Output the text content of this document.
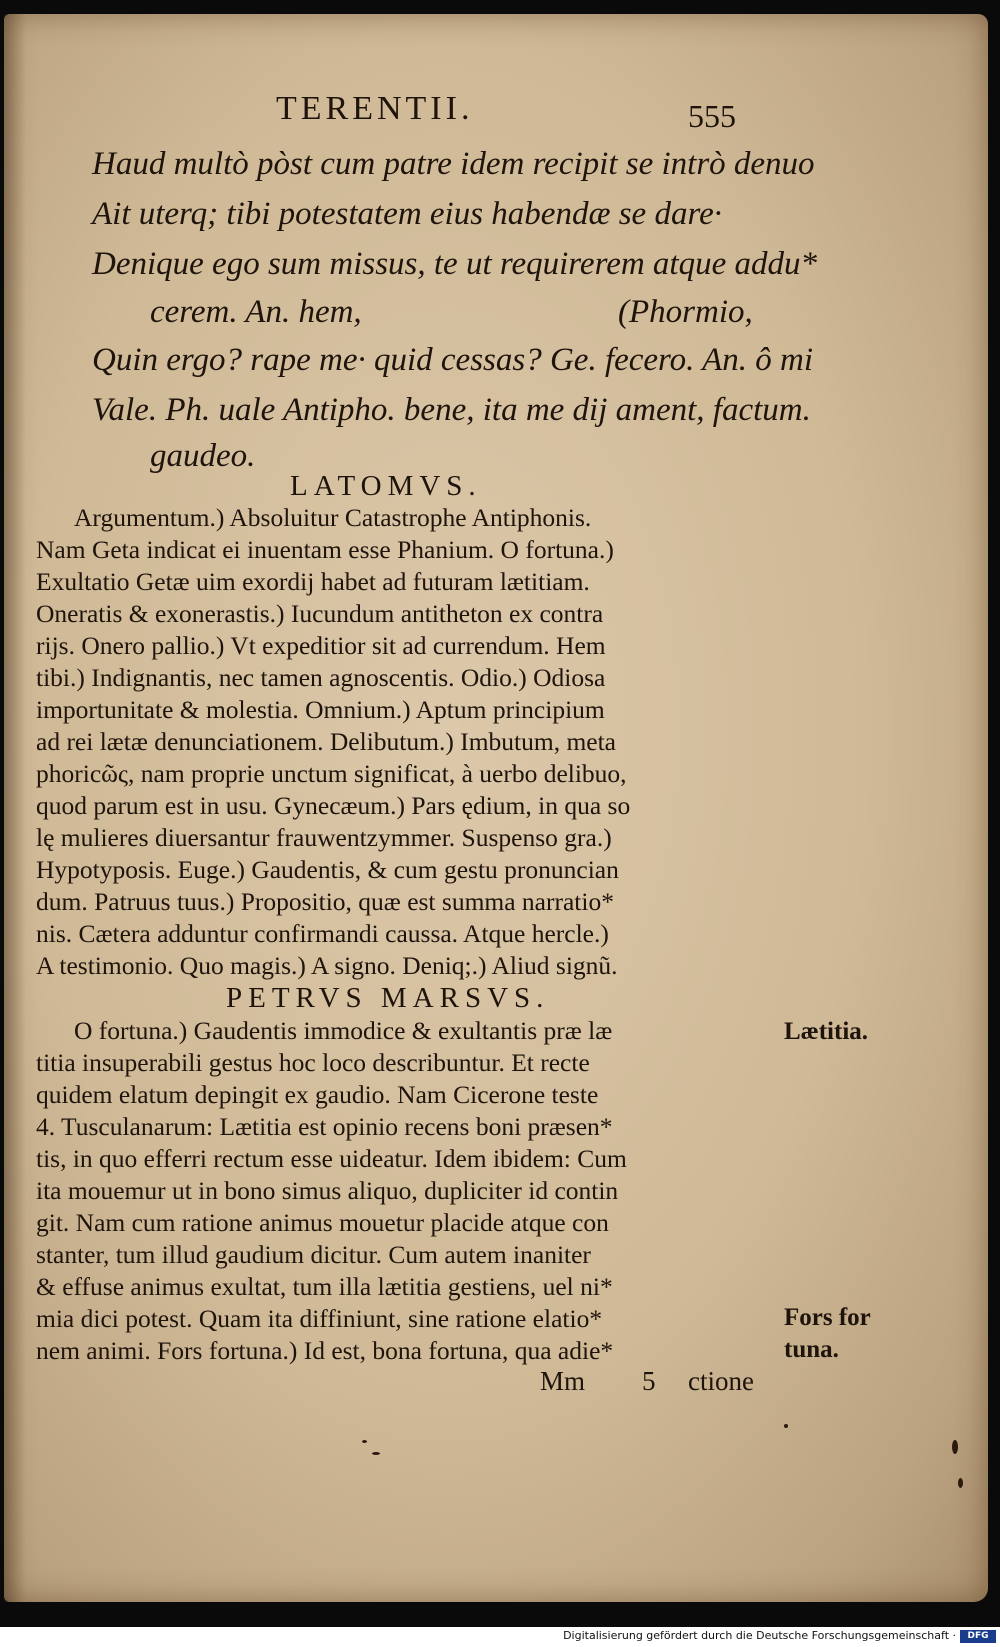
TERENTII.	555
Haud multò pòst cum patre idem recipit se intrò denuo
Ait uterq; tibi potestatem eius habendæ se dare·
Denique ego sum missus, te ut requirerem atque addu*
cerem. An. hem,	(Phormio,
Quin ergo? rape me· quid cessas? Ge. fecero. An. ô mi
Vale. Ph. uale Antipho. bene, ita me dij ament, factum.
gaudeo.
LATOMVS.
Argumentum.) Absoluitur Catastrophe Antiphonis.
Nam Geta indicat ei inuentam esse Phanium. O fortuna.)
Exultatio Getæ uim exordij habet ad futuram lætitiam.
Oneratis & exonerastis.) Iucundum antitheton ex contra
rijs. Onero pallio.) Vt expeditior sit ad currendum. Hem
tibi.) Indignantis, nec tamen agnoscentis. Odio.) Odiosa
importunitate & molestia. Omnium.) Aptum principium
ad rei lætæ denunciationem. Delibutum.) Imbutum, meta
phoricῶς, nam proprie unctum significat, à uerbo delibuo,
quod parum est in usu. Gynecæum.) Pars ędium, in qua so
lę mulieres diuersantur frauwentzymmer. Suspenso gra.)
Hypotyposis. Euge.) Gaudentis, & cum gestu pronuncian
dum. Patruus tuus.) Propositio, quæ est summa narratio*
nis. Cætera adduntur confirmandi caussa. Atque hercle.)
A testimonio. Quo magis.) A signo. Deniq;.) Aliud signũ.
PETRVS MARSVS.
O fortuna.) Gaudentis immodice & exultantis præ læ
titia insuperabili gestus hoc loco describuntur. Et recte
quidem elatum depingit ex gaudio. Nam Cicerone teste
4. Tusculanarum: Lætitia est opinio recens boni præsen*
tis, in quo efferri rectum esse uideatur. Idem ibidem: Cum
ita mouemur ut in bono simus aliquo, dupliciter id contin
git. Nam cum ratione animus mouetur placide atque con
stanter, tum illud gaudium dicitur. Cum autem inaniter
& effuse animus exultat, tum illa lætitia gestiens, uel ni*
mia dici potest. Quam ita diffiniunt, sine ratione elatio*
nem animi. Fors fortuna.) Id est, bona fortuna, qua adie*
Lætitia.
Fors for
tuna.
Mm 5 ctione
Digitalisierung gefördert durch die Deutsche Forschungsgemeinschaft ·	DFG
